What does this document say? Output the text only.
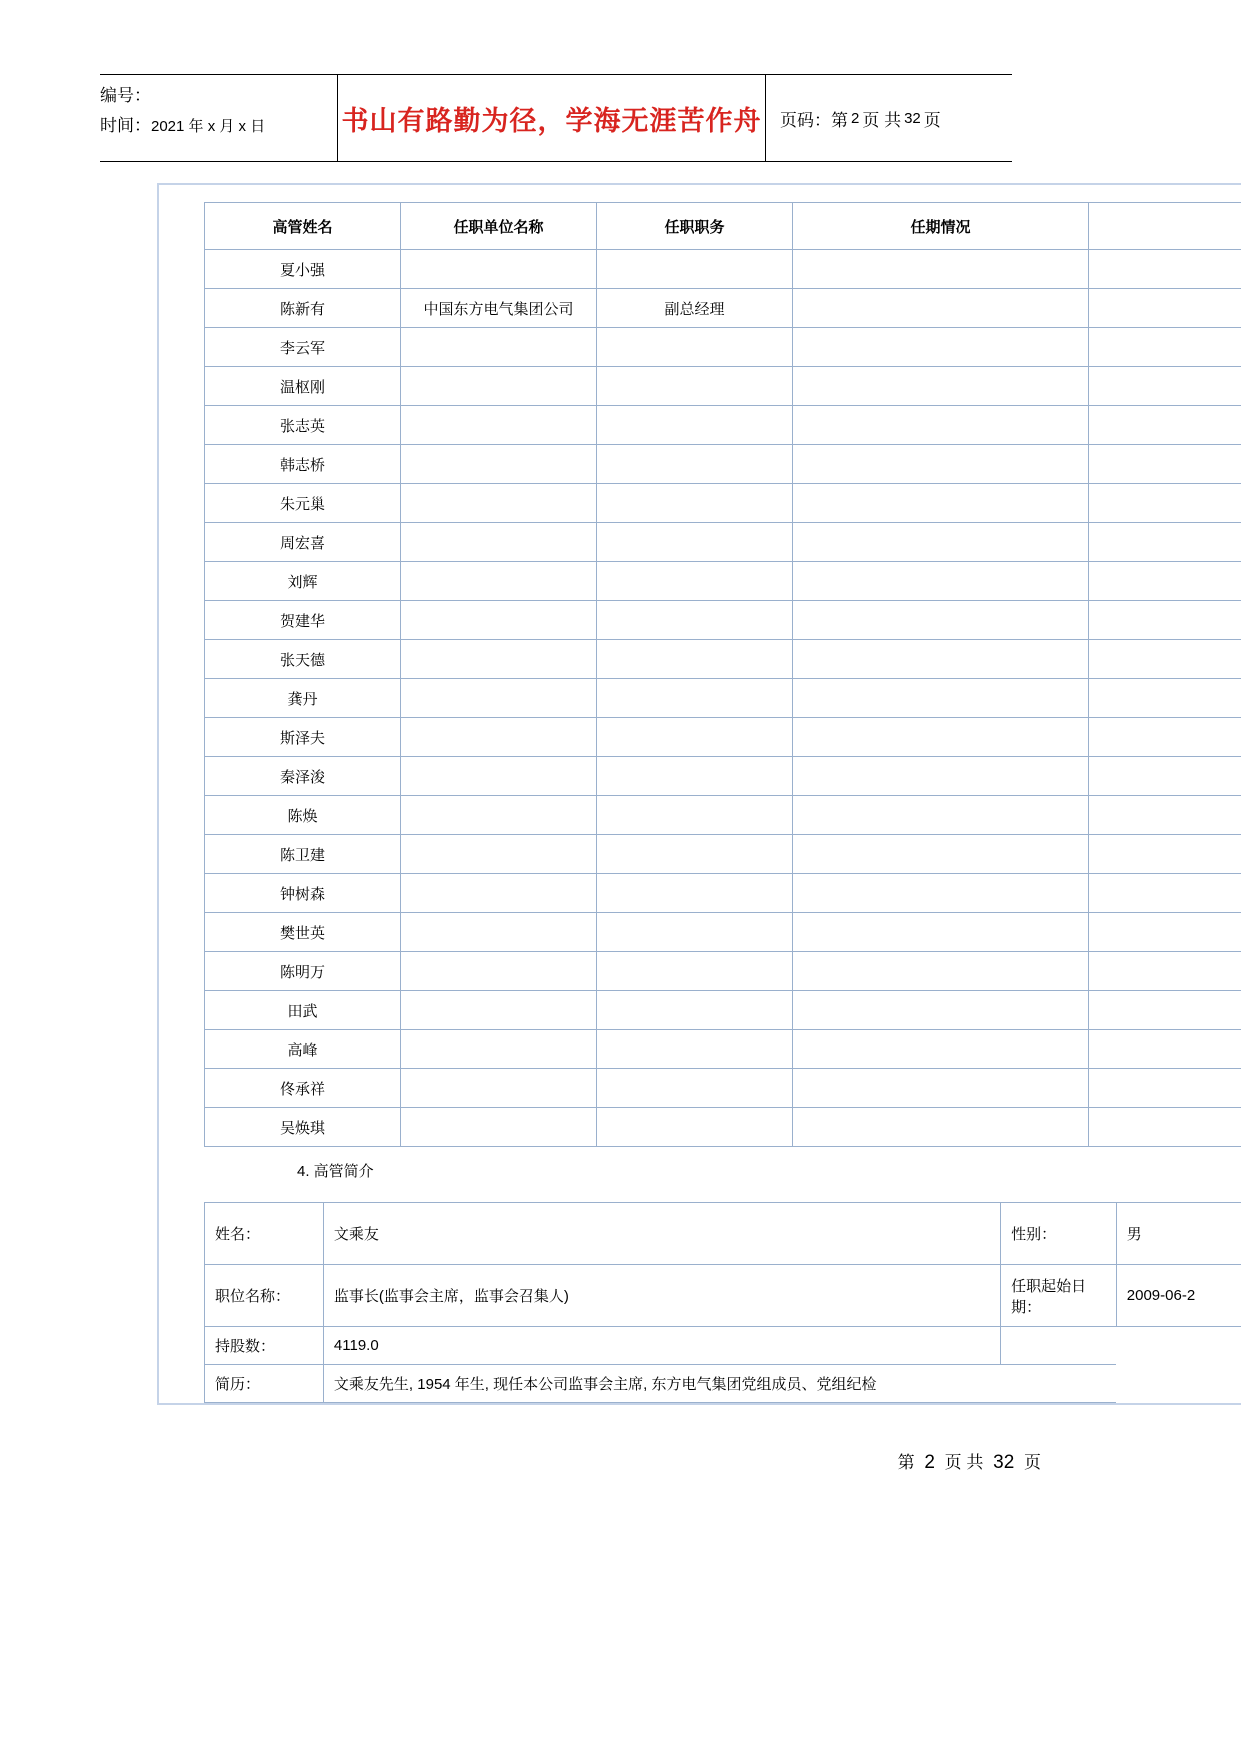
编号：
时间：2021 年 x 月 x 日	书山有路勤为径，学海无涯苦作舟 页码： 第 2 页 共 32 页
高管姓名	任职单位名称	任职职务	任期情况	
夏小强				
陈新有	中国东方电气集团公司	副总经理		
李云军				
温枢刚				
张志英				
韩志桥				
朱元巢				
周宏喜				
刘辉				
贺建华				
张天德				
龚丹				
斯泽夫				
秦泽浚				
陈焕				
陈卫建				
钟树森				
樊世英				
陈明万				
田武				
高峰				
佟承祥				
吴焕琪				
4. 高管简介
姓名：	文乘友	性别：	男
职位名称：	监事长(监事会主席，监事会召集人)	任职起始日期：	2009-06-2
持股数：	4119.0		
简历：	文乘友先生, 1954 年生, 现任本公司监事会主席, 东方电气集团党组成员、党组纪检		
第 2 页 共 32 页
